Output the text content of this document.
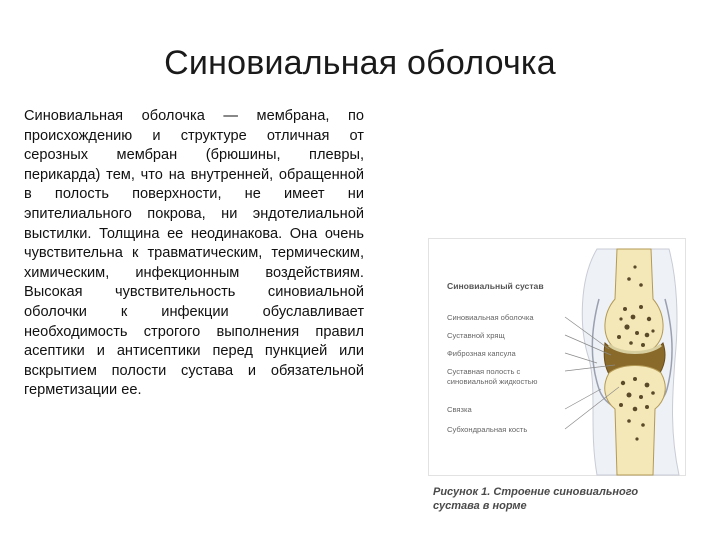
Синовиальная оболочка

Синовиальная оболочка — мембрана, по происхождению и структуре отличная от серозных мембран (брюшины, плевры, перикарда) тем, что на внутренней, обращенной в полость поверхности, не имеет ни эпителиального покрова, ни эндотелиальной выстилки. Толщина ее неодинакова. Она очень чувствительна к травматическим, термическим, химическим, инфекционным воздействиям. Высокая чувствительность синовиальной оболочки к инфекции обуславливает необходимость строгого выполнения правил асептики и антисептики перед пункцией или вскрытием полости сустава и обязательной герметизации ее.

Синовиальный сустав
Синовиальная оболочка
Суставной хрящ
Фиброзная капсула
Суставная полость с синовиальной жидкостью
Связка
Субхондральная кость

Рисунок 1. Строение синовиального сустава в норме
